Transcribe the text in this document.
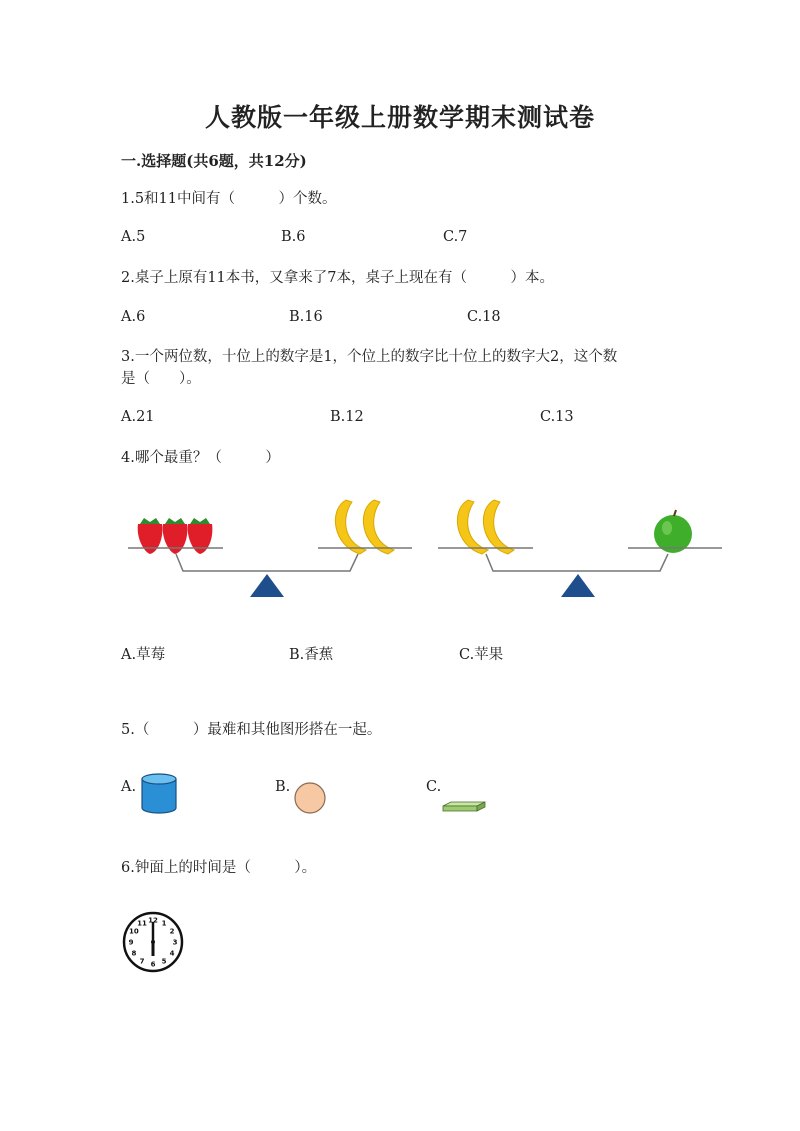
人教版一年级上册数学期末测试卷
一.选择题(共6题，共12分)
1.5和11中间有（　　　）个数。
A.5	B.6	C.7
2.桌子上原有11本书，又拿来了7本，桌子上现在有（　　　）本。
A.6	B.16	C.18
3.一个两位数，十位上的数字是1，个位上的数字比十位上的数字大2，这个数
是（　　）。
A.21	B.12	C.13
4.哪个最重？（　　　）
A.草莓	B.香蕉	C.苹果
5.（　　　）最难和其他图形搭在一起。
A.	B.	C.
6.钟面上的时间是（　　　）。
12 1
2
3
4
5
6
7
8
9
10
11
